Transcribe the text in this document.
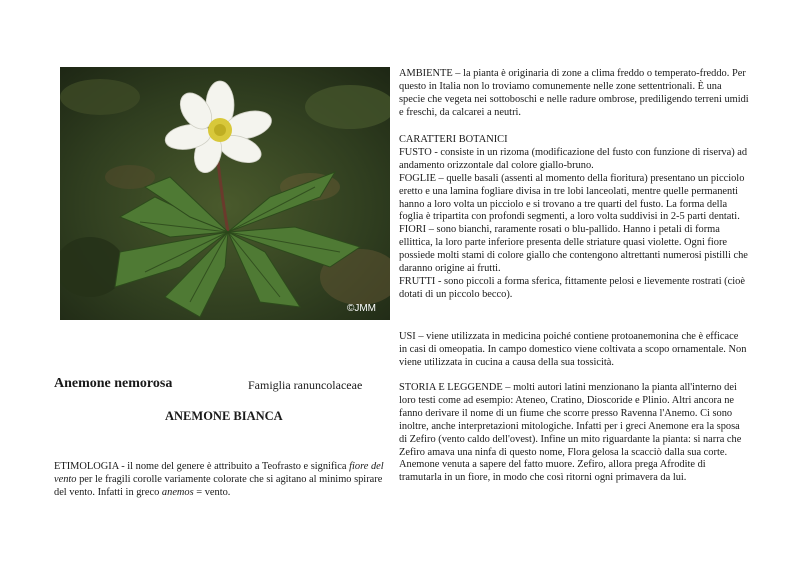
©JMM
Anemone nemorosa	Famiglia ranuncolaceae
ANEMONE BIANCA
ETIMOLOGIA - il nome del genere è attribuito a Teofrasto e significa fiore del vento per le fragili corolle variamente colorate che si agitano al minimo spirare del vento. Infatti in greco anemos = vento.
AMBIENTE – la pianta è originaria di zone a clima freddo o temperato-freddo. Per questo in Italia non lo troviamo comunemente nelle zone settentrionali. È una specie che vegeta nei sottoboschi e nelle radure ombrose, prediligendo terreni umidi e freschi, da calcarei a neutri.

CARATTERI BOTANICI

FUSTO - consiste in un rizoma (modificazione del fusto con funzione di riserva) ad andamento orizzontale dal colore giallo-bruno.

FOGLIE – quelle basali (assenti al momento della fioritura) presentano un picciolo eretto e una lamina fogliare divisa in tre lobi lanceolati, mentre quelle permanenti hanno a loro volta un picciolo e si trovano a tre quarti del fusto. La forma della foglia è tripartita con profondi segmenti, a loro volta suddivisi in 2-5 parti dentati.

FIORI – sono bianchi, raramente rosati o blu-pallido. Hanno i petali di forma ellittica, la loro parte inferiore presenta delle striature quasi violette. Ogni fiore possiede molti stami di colore giallo che contengono altrettanti numerosi pistilli che daranno origine ai frutti.

FRUTTI - sono piccoli a forma sferica, fittamente pelosi e lievemente rostrati (cioè dotati di un piccolo becco).

USI – viene utilizzata in medicina poiché contiene protoanemonina che è efficace in casi di omeopatia. In campo domestico viene coltivata a scopo ornamentale. Non viene utilizzata in cucina a causa della sua tossicità.
STORIA E LEGGENDE – molti autori latini menzionano la pianta all'interno dei loro testi come ad esempio: Ateneo, Cratino, Dioscoride e Plinio. Altri ancora ne fanno derivare il nome di un fiume che scorre presso Ravenna l'Anemo. Ci sono inoltre, anche interpretazioni mitologiche. Infatti per i greci Anemone era la sposa di Zefiro (vento caldo dell'ovest). Infine un mito riguardante la pianta: si narra che Zefiro amava una ninfa di questo nome, Flora gelosa la scacciò dalla sua corte. Anemone venuta a sapere del fatto muore. Zefiro, allora prega Afrodite di tramutarla in un fiore, in modo che così ritorni ogni primavera da lui.
